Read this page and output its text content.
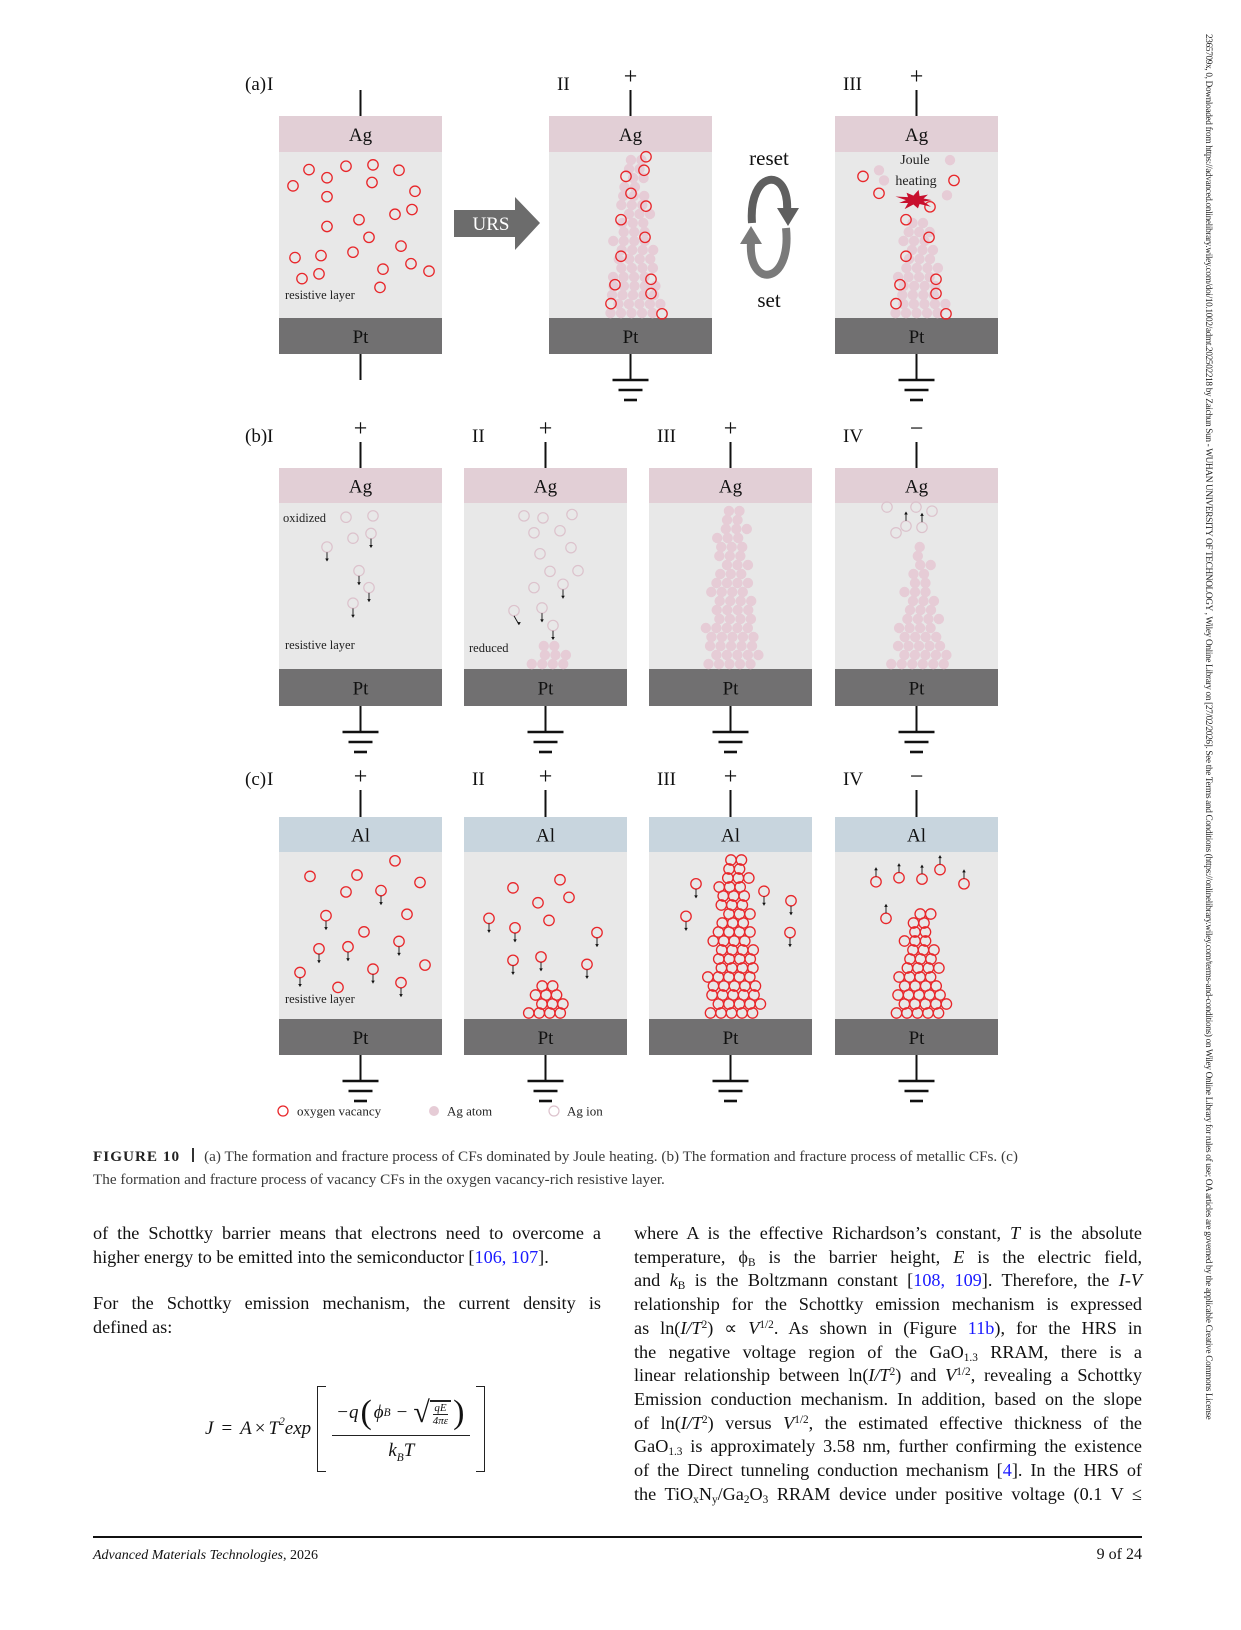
(a) I
Ag
Pt
resistive layer
II +
Ag
Pt
III +
Ag
Pt
Joule
heating
(b) I	+
Ag
Pt
oxidized
resistive layer
II +
Ag
Pt
reduced
III +
Ag
Pt
IV −
Ag
Pt
(c) I	+
Al
Pt
resistive layer
II +
Al
Pt
III +
Al
Pt
IV −
Al
Pt
URS
reset
set
oxygen vacancy	Ag atom	Ag ion
FIGURE 10 (a) The formation and fracture process of CFs dominated by Joule heating. (b) The formation and fracture process of metallic CFs. (c)
The formation and fracture process of vacancy CFs in the oxygen vacancy-rich resistive layer.
of the Schottky barrier means that electrons need to overcome a
higher energy to be emitted into the semiconductor [106, 107].
For the Schottky emission mechanism, the current density is
defined as:
$J = A \times T^2$ exp
−q ( ϕ B − √ $\frac{qE}{4\pi\varepsilon}$ )
$k_BT$
where A is the effective Richardson’s constant, T is the absolute
temperature, $\phi_B$ is the barrier height, E is the electric field,
and $k_B$ is the Boltzmann constant [108, 109]. Therefore, the I-V
relationship for the Schottky emission mechanism is expressed
as $\ln(I/T^2) \propto V^{1/2}$. As shown in (Figure 11b), for the HRS in
the negative voltage region of the GaO$_{1.3}$ RRAM, there is a
linear relationship between $\ln(I/T^2)$ and $V^{1/2}$, revealing a Schottky
Emission conduction mechanism. In addition, based on the slope
of $\ln(I/T^2)$ versus $V^{1/2}$, the estimated effective thickness of the
GaO$_{1.3}$ is approximately 3.58 nm, further confirming the existence
of the Direct tunneling conduction mechanism [4]. In the HRS of
the $TiO_xN_y/Ga_2O_3$ RRAM device under positive voltage (0.1 V ≤
Advanced Materials Technologies, 2026	9 of 24
2365709x, 0, Downloaded from https://advanced.onlinelibrary.wiley.com/doi/10.1002/admt.202502218 by Zaichun Sun - WUHAN UNIVERSITY OF TECHNOLOGY , Wiley Online Library on [27/02/2026]. See the Terms and Conditions (https://onlinelibrary.wiley.com/terms-and-conditions) on Wiley Online Library for rules of use; OA articles are governed by the applicable Creative Commons License
